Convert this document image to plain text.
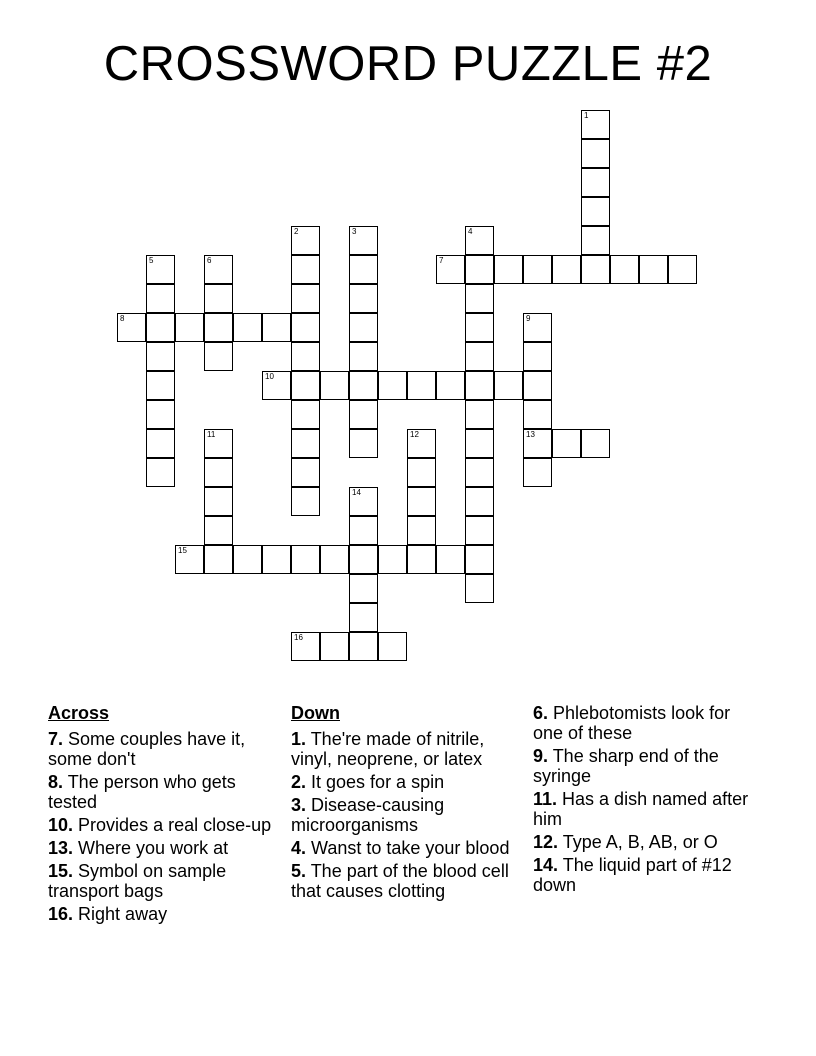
CROSSWORD PUZZLE #2
1
2	3	4
5	6	7
8	9
13
10
11	12
14
15
16
Across
7. Some couples have it, some don't
8. The person who gets tested
10. Provides a real close-up
13. Where you work at
15. Symbol on sample transport bags
16. Right away
Down
1. The're made of nitrile, vinyl, neoprene, or latex
2. It goes for a spin
3. Disease-causing microorganisms
4. Wanst to take your blood
5. The part of the blood cell that causes clotting
6. Phlebotomists look for one of these
9. The sharp end of the syringe
11. Has a dish named after him
12. Type A, B, AB, or O
14. The liquid part of #12 down
